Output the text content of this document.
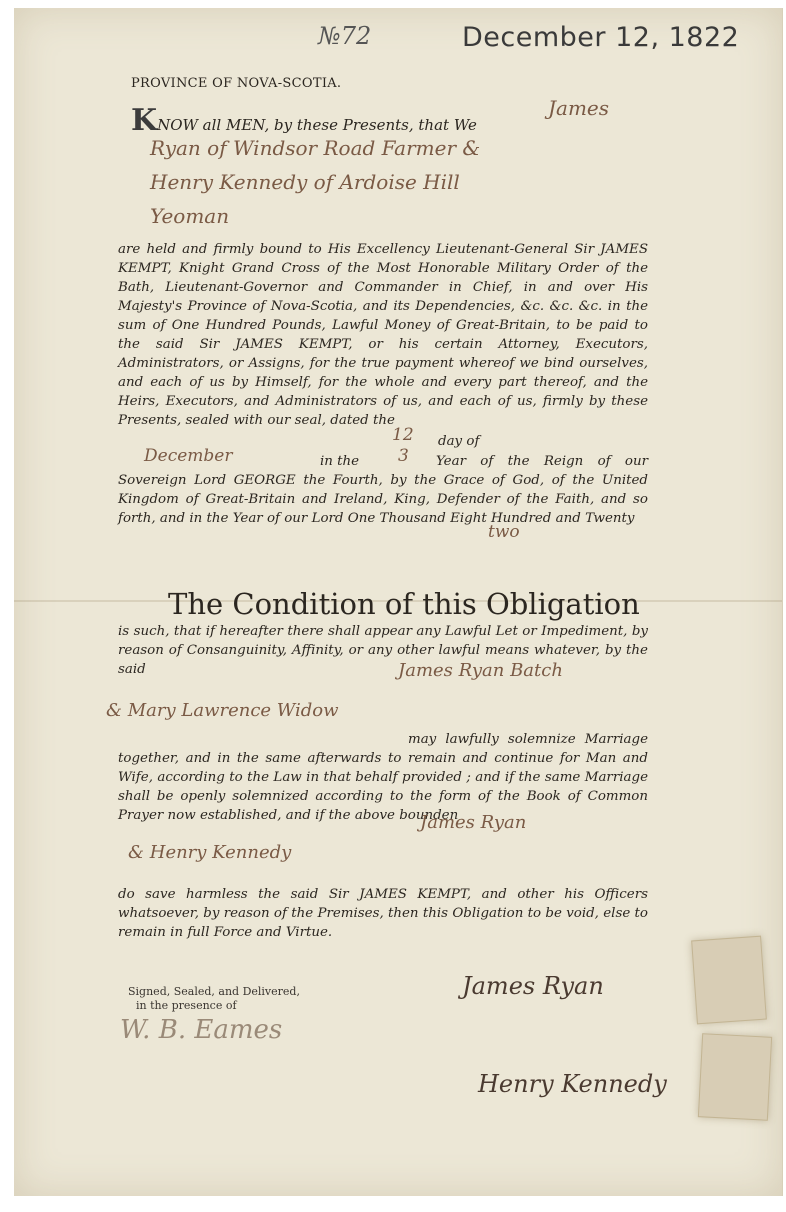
№72	December 12, 1822
PROVINCE OF NOVA-SCOTIA.
KNOW all MEN, by these Presents, that We
James
Ryan of Windsor Road Farmer &
Henry Kennedy of Ardoise Hill
Yeoman

are held and firmly bound to His Excellency Lieutenant-General Sir JAMES KEMPT, Knight Grand Cross of the Most Honorable Military Order of the Bath, Lieutenant-Governor and Commander in Chief, in and over His Majesty's Province of Nova-Scotia, and its Dependencies, &c. &c. &c. in the sum of One Hundred Pounds, Lawful Money of Great-Britain, to be paid to the said Sir JAMES KEMPT, or his certain Attorney, Executors, Administrators, or Assigns, for the true payment whereof we bind ourselves, and each of us by Himself, for the whole and every part thereof, and the Heirs, Executors, and Administrators of us, and each of us, firmly by these Presents, sealed with our seal, dated the

12 day of
December	in the 3	Year of the Reign of our Sovereign Lord GEORGE the Fourth, by the Grace of God, of the United Kingdom of Great-Britain and Ireland, King, Defender of the Faith, and so forth, and in the Year of our Lord One Thousand Eight Hundred and Twenty

two
The Condition of this Obligation

is such, that if hereafter there shall appear any Lawful Let or Impediment, by reason of Consanguinity, Affinity, or any other lawful means whatever, by the said	James Ryan Batch
& Mary Lawrence Widow

may lawfully solemnize Marriage together, and in the same afterwards to remain and continue for Man and Wife, according to the Law in that behalf provided ; and if the same Marriage shall be openly solemnized according to the form of the Book of Common Prayer now established, and if the above bounden

James Ryan
& Henry Kennedy

do save harmless the said Sir JAMES KEMPT, and other his Officers whatsoever, by reason of the Premises, then this Obligation to be void, else to remain in full Force and Virtue.

Signed, Sealed, and Delivered,
in the presence of
W. B. Eames
James Ryan
Henry Kennedy
